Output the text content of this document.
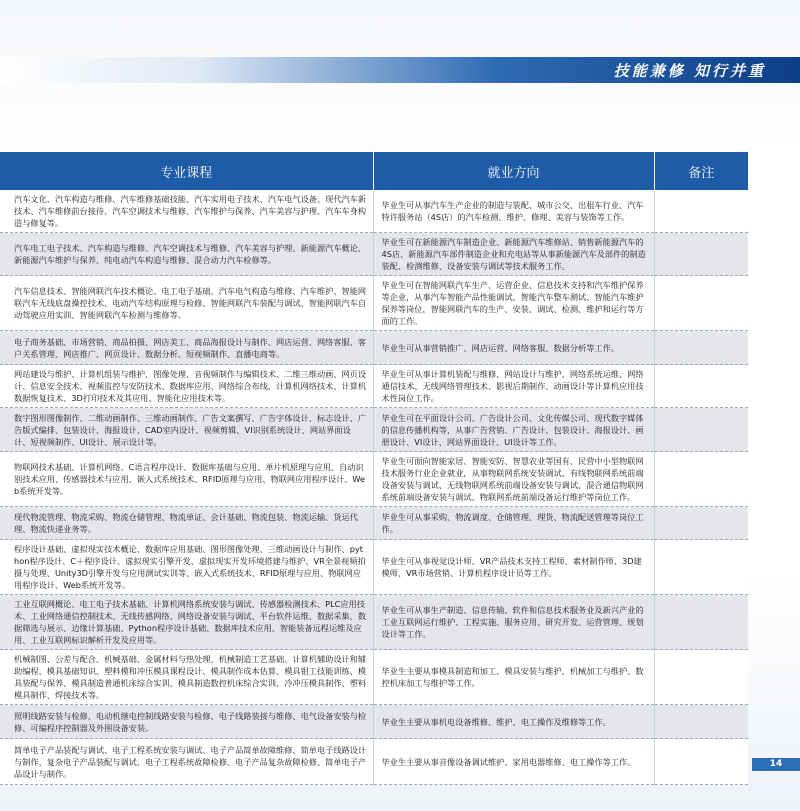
技能兼修 知行并重
专业课程	就业方向	备注
汽车文化、汽车构造与维修、汽车维修基础技能、汽车实用电子技术、汽车电气设备、现代汽车新技术、汽车维修前台接待、汽车空调技术与维修、汽车维护与保养、汽车美容与护理、汽车车身构造与修复等。	毕业生可从事汽车生产企业的制造与装配、城市公交、出租车行业、汽车特许服务站（4S店）的汽车检测、维护、修理、美容与装饰等工作。	
汽车电工电子技术、汽车构造与维修、汽车空调技术与维修、汽车美容与护理、新能源汽车概论、新能源汽车维护与保养、纯电动汽车构造与维修、混合动力汽车检修等。	毕业生可在新能源汽车制造企业、新能源汽车维修站、销售新能源汽车的4S店、新能源汽车部件制造企业和充电站等从事新能源汽车及部件的制造装配、检测维修、设备安装与调试等技术服务工作。	
汽车信息技术、智能网联汽车技术概论、电工电子基础、汽车电气构造与维修、汽车维护、智能网联汽车无线底盘操控技术、电动汽车结构原理与检修、智能网联汽车装配与调试、智能网联汽车自动驾驶应用实训、智能网联汽车检测与维修等。	毕业生可在智能网联汽车生产、运营企业、信息技术支持和汽车维护保养等企业，从事汽车智能产品性能调试、智能汽车整车测试、智能汽车维护保养等岗位，智能网联汽车的生产、安装、调试、检测、维护和运行等方面的工作。	
电子商务基础、市场营销、商品拍摄、网店美工、商品海报设计与制作、网店运营、网络客服、客户关系管理、网店推广、网页设计、数据分析、短视频制作、直播电商等。	毕业生可从事营销推广、网店运营、网络客服、数据分析等工作。	
网站建设与维护、计算机组装与维护、图像处理、音视频制作与编辑技术、二维三维动画、网页设计、信息安全技术、视频监控与安防技术、数据库应用、网络综合布线、计算机网络技术、计算机数据恢复技术、3D打印技术及其应用、智能化应用技术等。	毕业生可从事计算机装配与维修、网站设计与维护、网络系统运维、网络通信技术、无线网络管理技术、影视后期制作、动画设计等计算机应用技术性岗位工作。	
数字图形图像制作、二维动画制作、三维动画制作、广告文案撰写、广告字体设计、标志设计、广告版式编排、包装设计、海报设计、CAD室内设计、视频剪辑、VI识别系统设计、网站界面设计、短视频制作、UI设计、展示设计等。	毕业生可在平面设计公司、广告设计公司、文化传媒公司、现代数字媒体的信息传播机构等，从事广告营销、广告设计、包装设计、海报设计、画册设计、VI设计、网站界面设计、UI设计等工作。	
物联网技术基础、计算机网络、C语言程序设计、数据库基础与应用、单片机原理与应用、自动识别技术应用、传感器技术与应用、嵌入式系统技术、RFID原理与应用、物联网应用程序设计、Web系统开发等。	毕业生可面向智能家居、智能安防、智慧农业等国有、民营中小型物联网技术服务行业企业就业，从事物联网系统安装调试、有线物联网系统前端设备安装与调试、无线物联网系统前端设备安装与调试、混合通信物联网系统前端设备安装与调试、物联网系统前端设备运行维护等岗位工作。	
现代物流管理、物流采购、物流仓储管理、物流单证、会计基础、物流包装、物流运输、货运代理、物流快递业务等。	毕业生可从事采购、物流调度、仓储管理、理货、物流配送管理等岗位工作。	
程序设计基础、虚拟现实技术概论、数据库应用基础、图形图像处理、三维动画设计与制作、python程序设计、C＋程序设计、虚拟现实引擎开发、虚拟现实开发环境搭建与维护、VR全景视频拍摄与处理、Unity3D引擎开发与应用测试实训等、嵌入式系统技术、RFID原理与应用、物联网应用程序设计、Web系统开发等。	毕业生可从事视觉设计师、VR产品技术支持工程师、素材制作师、3D建模师、VR市场营销、计算机程序设计员等工作。	
工业互联网概论、电工电子技术基础、计算机网络系统安装与调试、传感器检测技术、PLC应用技术、工业网络通信控制技术、无线传感网络、网络设备安装与调试、平台软件运维、数据采集、数据筛选与展示、边缘计算基础、Python程序设计基础、数据库技术应用、智能装备远程运维及应用、工业互联网标识解析开发及应用等。	毕业生可从事生产制造、信息传输、软件和信息技术服务业及新兴产业的工业互联网运行维护、工程实施、服务应用、研究开发、运营管理、规划设计等工作。	
机械制图、公差与配合、机械基础、金属材料与热处理、机械制造工艺基础、计算机辅助设计和辅助编程、模具基础知识、塑料模和冲压模具课程设计、模具制作成本估算、模具钳工技能训练、模具装配与保养、模具制造普通机床综合实训、模具制造数控机床综合实训、冷冲压模具制作、塑料模具制作、焊接技术等。	毕业生主要从事模具制造和加工、模具安装与维护、机械加工与维护、数控机床加工与维护等工作。	
照明线路安装与检修、电动机继电控制线路安装与检修、电子线路装接与维修、电气设备安装与检修、可编程序控制器及外围设备安装。	毕业生主要从事机电设备维修、维护、电工操作及维修等工作。	
简单电子产品装配与调试、电子工程系统安装与调试、电子产品简单故障维修、简单电子线路设计与制作、复杂电子产品装配与调试、电子工程系统故障检修、电子产品复杂故障检修、简单电子产品设计与制作。	毕业生主要从事音像设备调试维护、家用电器维修、电工操作等工作。		14
